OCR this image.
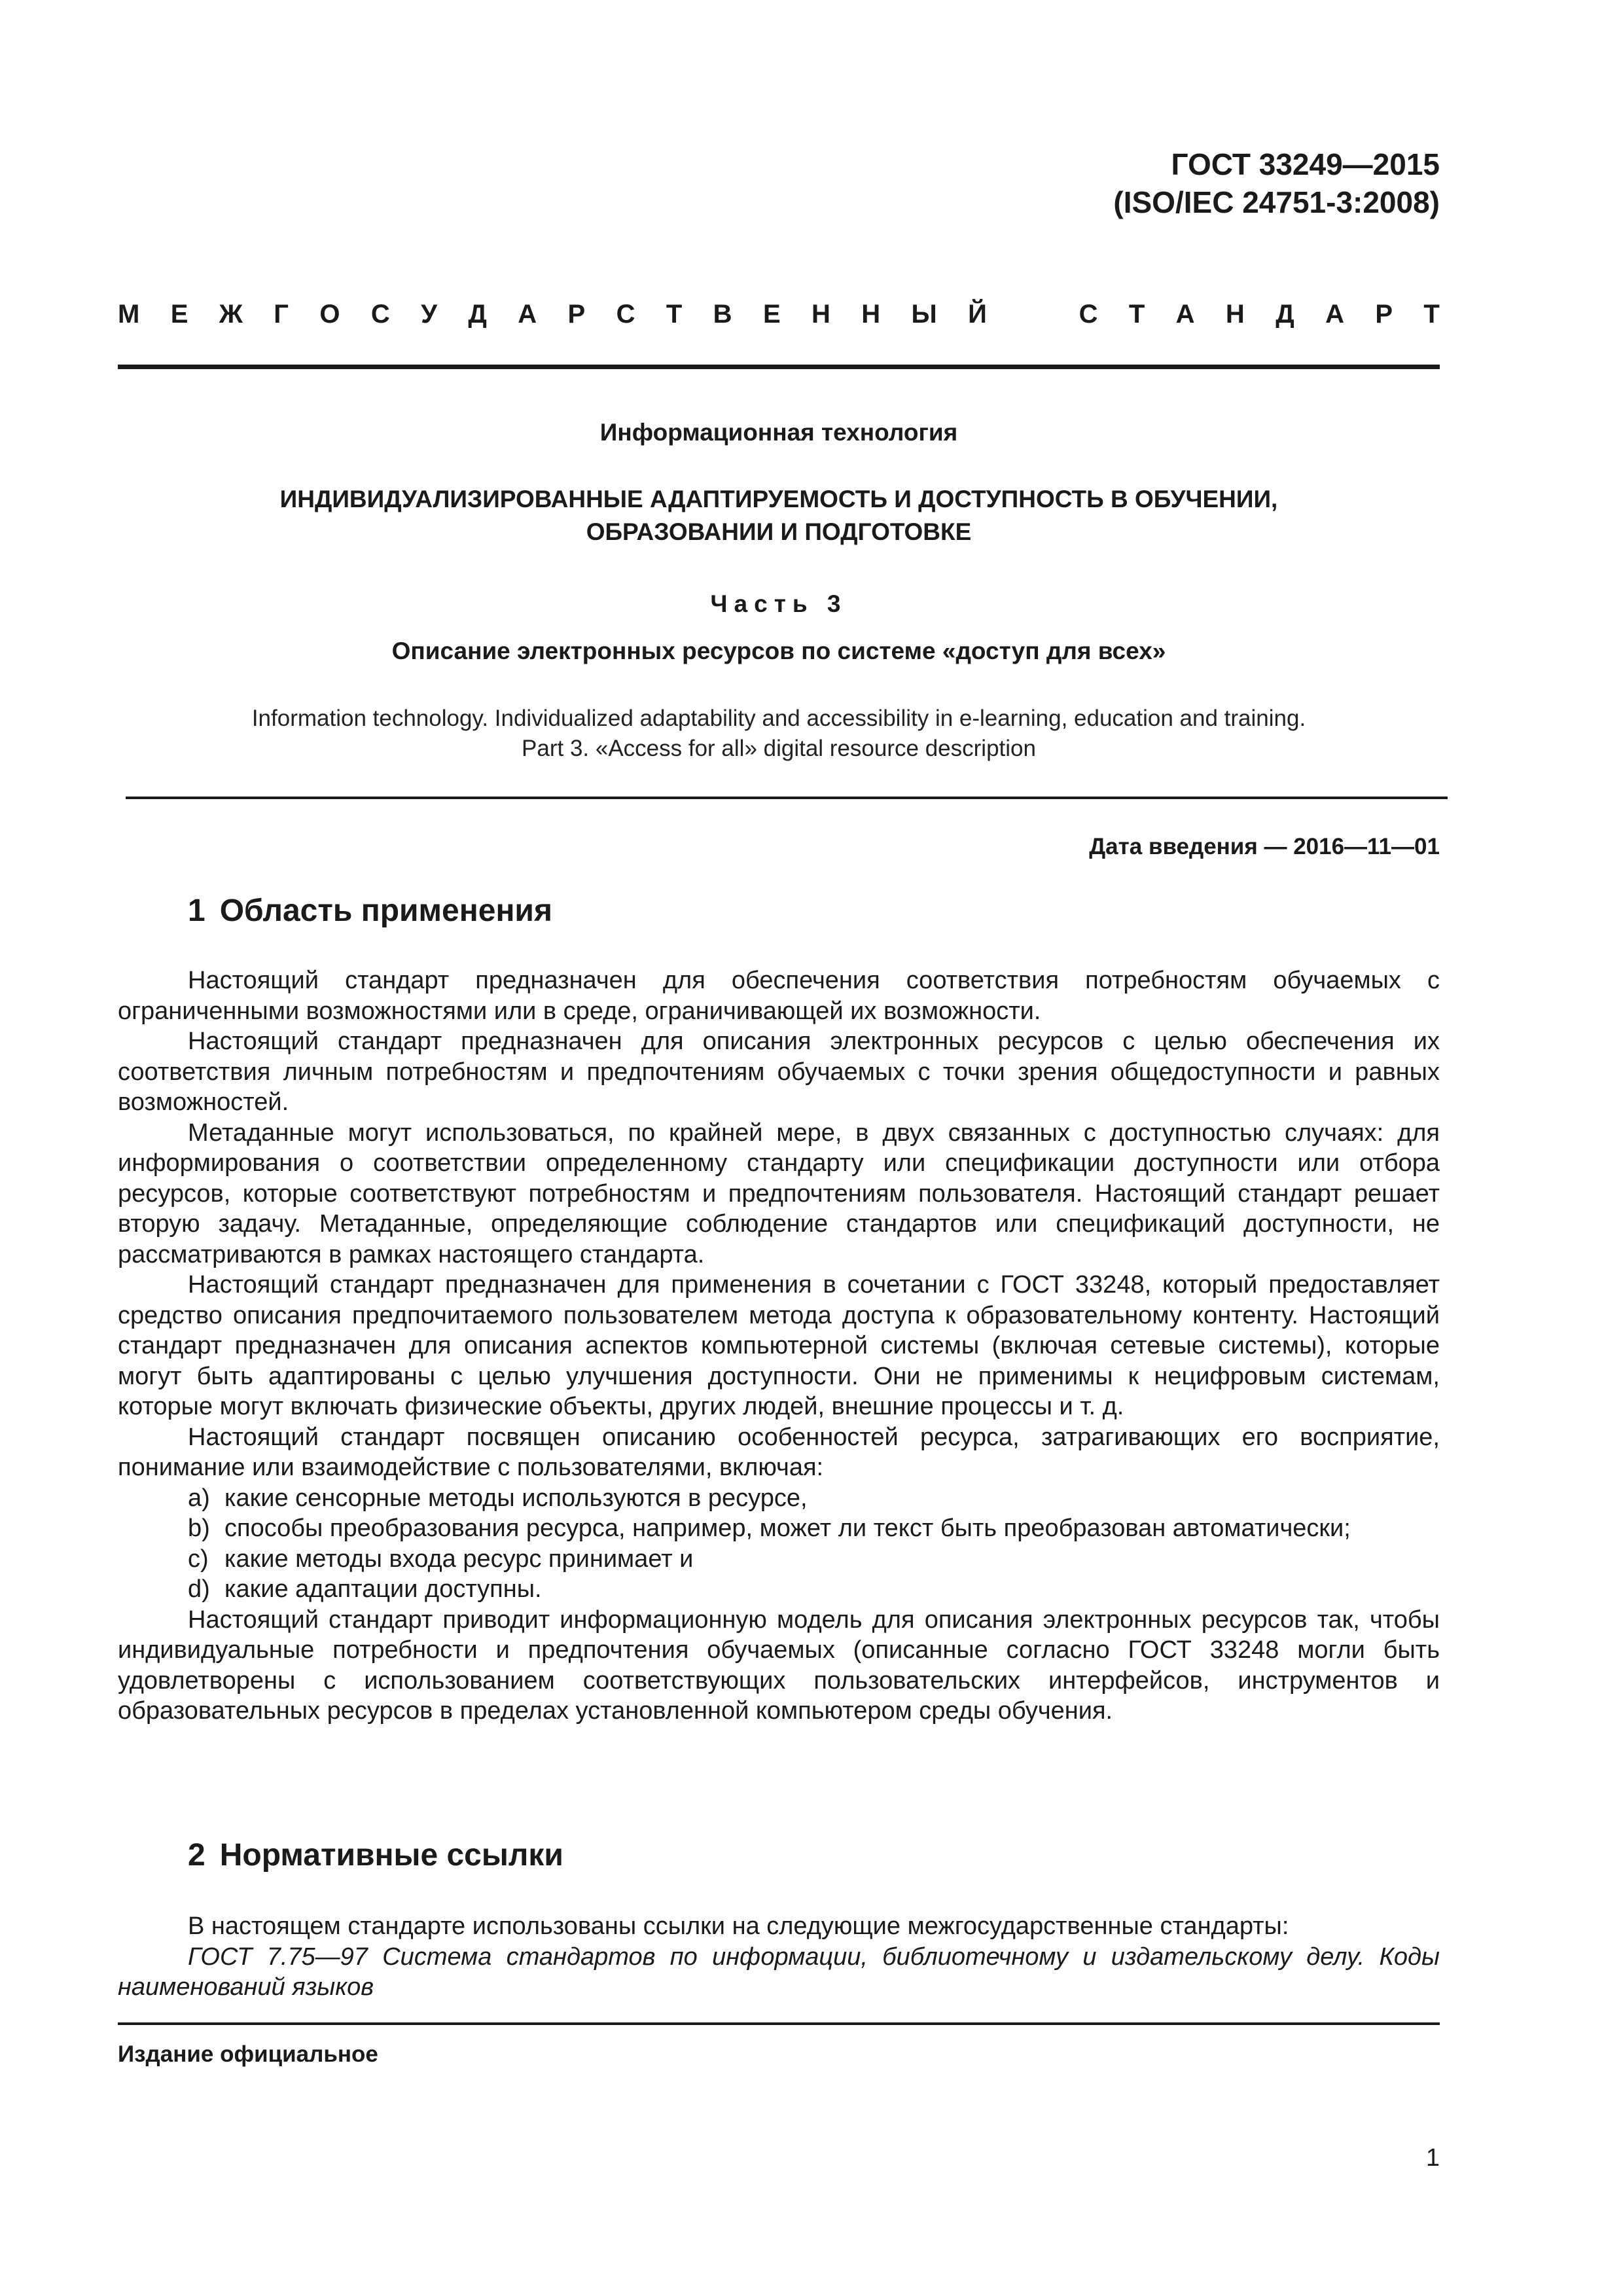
ГОСТ 33249—2015
(ISO/IEC 24751-3:2008)
М Е Ж Г О С У Д А Р С Т В Е Н Н Ы Й	С Т А Н Д А Р Т
Информационная технология
ИНДИВИДУАЛИЗИРОВАННЫЕ АДАПТИРУЕМОСТЬ И ДОСТУПНОСТЬ В ОБУЧЕНИИ,
ОБРАЗОВАНИИ И ПОДГОТОВКЕ
Часть 3
Описание электронных ресурсов по системе «доступ для всех»
Information technology. Individualized adaptability and accessibility in e-learning, education and training.
Part 3. «Access for all» digital resource description
Дата введения — 2016—11—01
1 Область применения

Настоящий стандарт предназначен для обеспечения соответствия потребностям обучаемых с ограниченными возможностями или в среде, ограничивающей их возможности.

Настоящий стандарт предназначен для описания электронных ресурсов с целью обеспечения их соответствия личным потребностям и предпочтениям обучаемых с точки зрения общедоступности и равных возможностей.

Метаданные могут использоваться, по крайней мере, в двух связанных с доступностью случаях: для информирования о соответствии определенному стандарту или спецификации доступности или отбора ресурсов, которые соответствуют потребностям и предпочтениям пользователя. Настоящий стандарт решает вторую задачу. Метаданные, определяющие соблюдение стандартов или спецификаций доступности, не рассматриваются в рамках настоящего стандарта.

Настоящий стандарт предназначен для применения в сочетании с ГОСТ 33248, который предоставляет средство описания предпочитаемого пользователем метода доступа к образовательному контенту. Настоящий стандарт предназначен для описания аспектов компьютерной системы (включая сетевые системы), которые могут быть адаптированы с целью улучшения доступности. Они не применимы к нецифровым системам, которые могут включать физические объекты, других людей, внешние процессы и т. д.

Настоящий стандарт посвящен описанию особенностей ресурса, затрагивающих его восприятие, понимание или взаимодействие с пользователями, включая:

a) какие сенсорные методы используются в ресурсе,
b) способы преобразования ресурса, например, может ли текст быть преобразован автоматически;
c) какие методы входа ресурс принимает и
d) какие адаптации доступны.

Настоящий стандарт приводит информационную модель для описания электронных ресурсов так, чтобы индивидуальные потребности и предпочтения обучаемых (описанные согласно ГОСТ 33248 могли быть удовлетворены с использованием соответствующих пользовательских интерфейсов, инструментов и образовательных ресурсов в пределах установленной компьютером среды обучения.

2 Нормативные ссылки

В настоящем стандарте использованы ссылки на следующие межгосударственные стандарты:

ГОСТ 7.75—97 Система стандартов по информации, библиотечному и издательскому делу. Коды наименований языков

Издание официальное
1
